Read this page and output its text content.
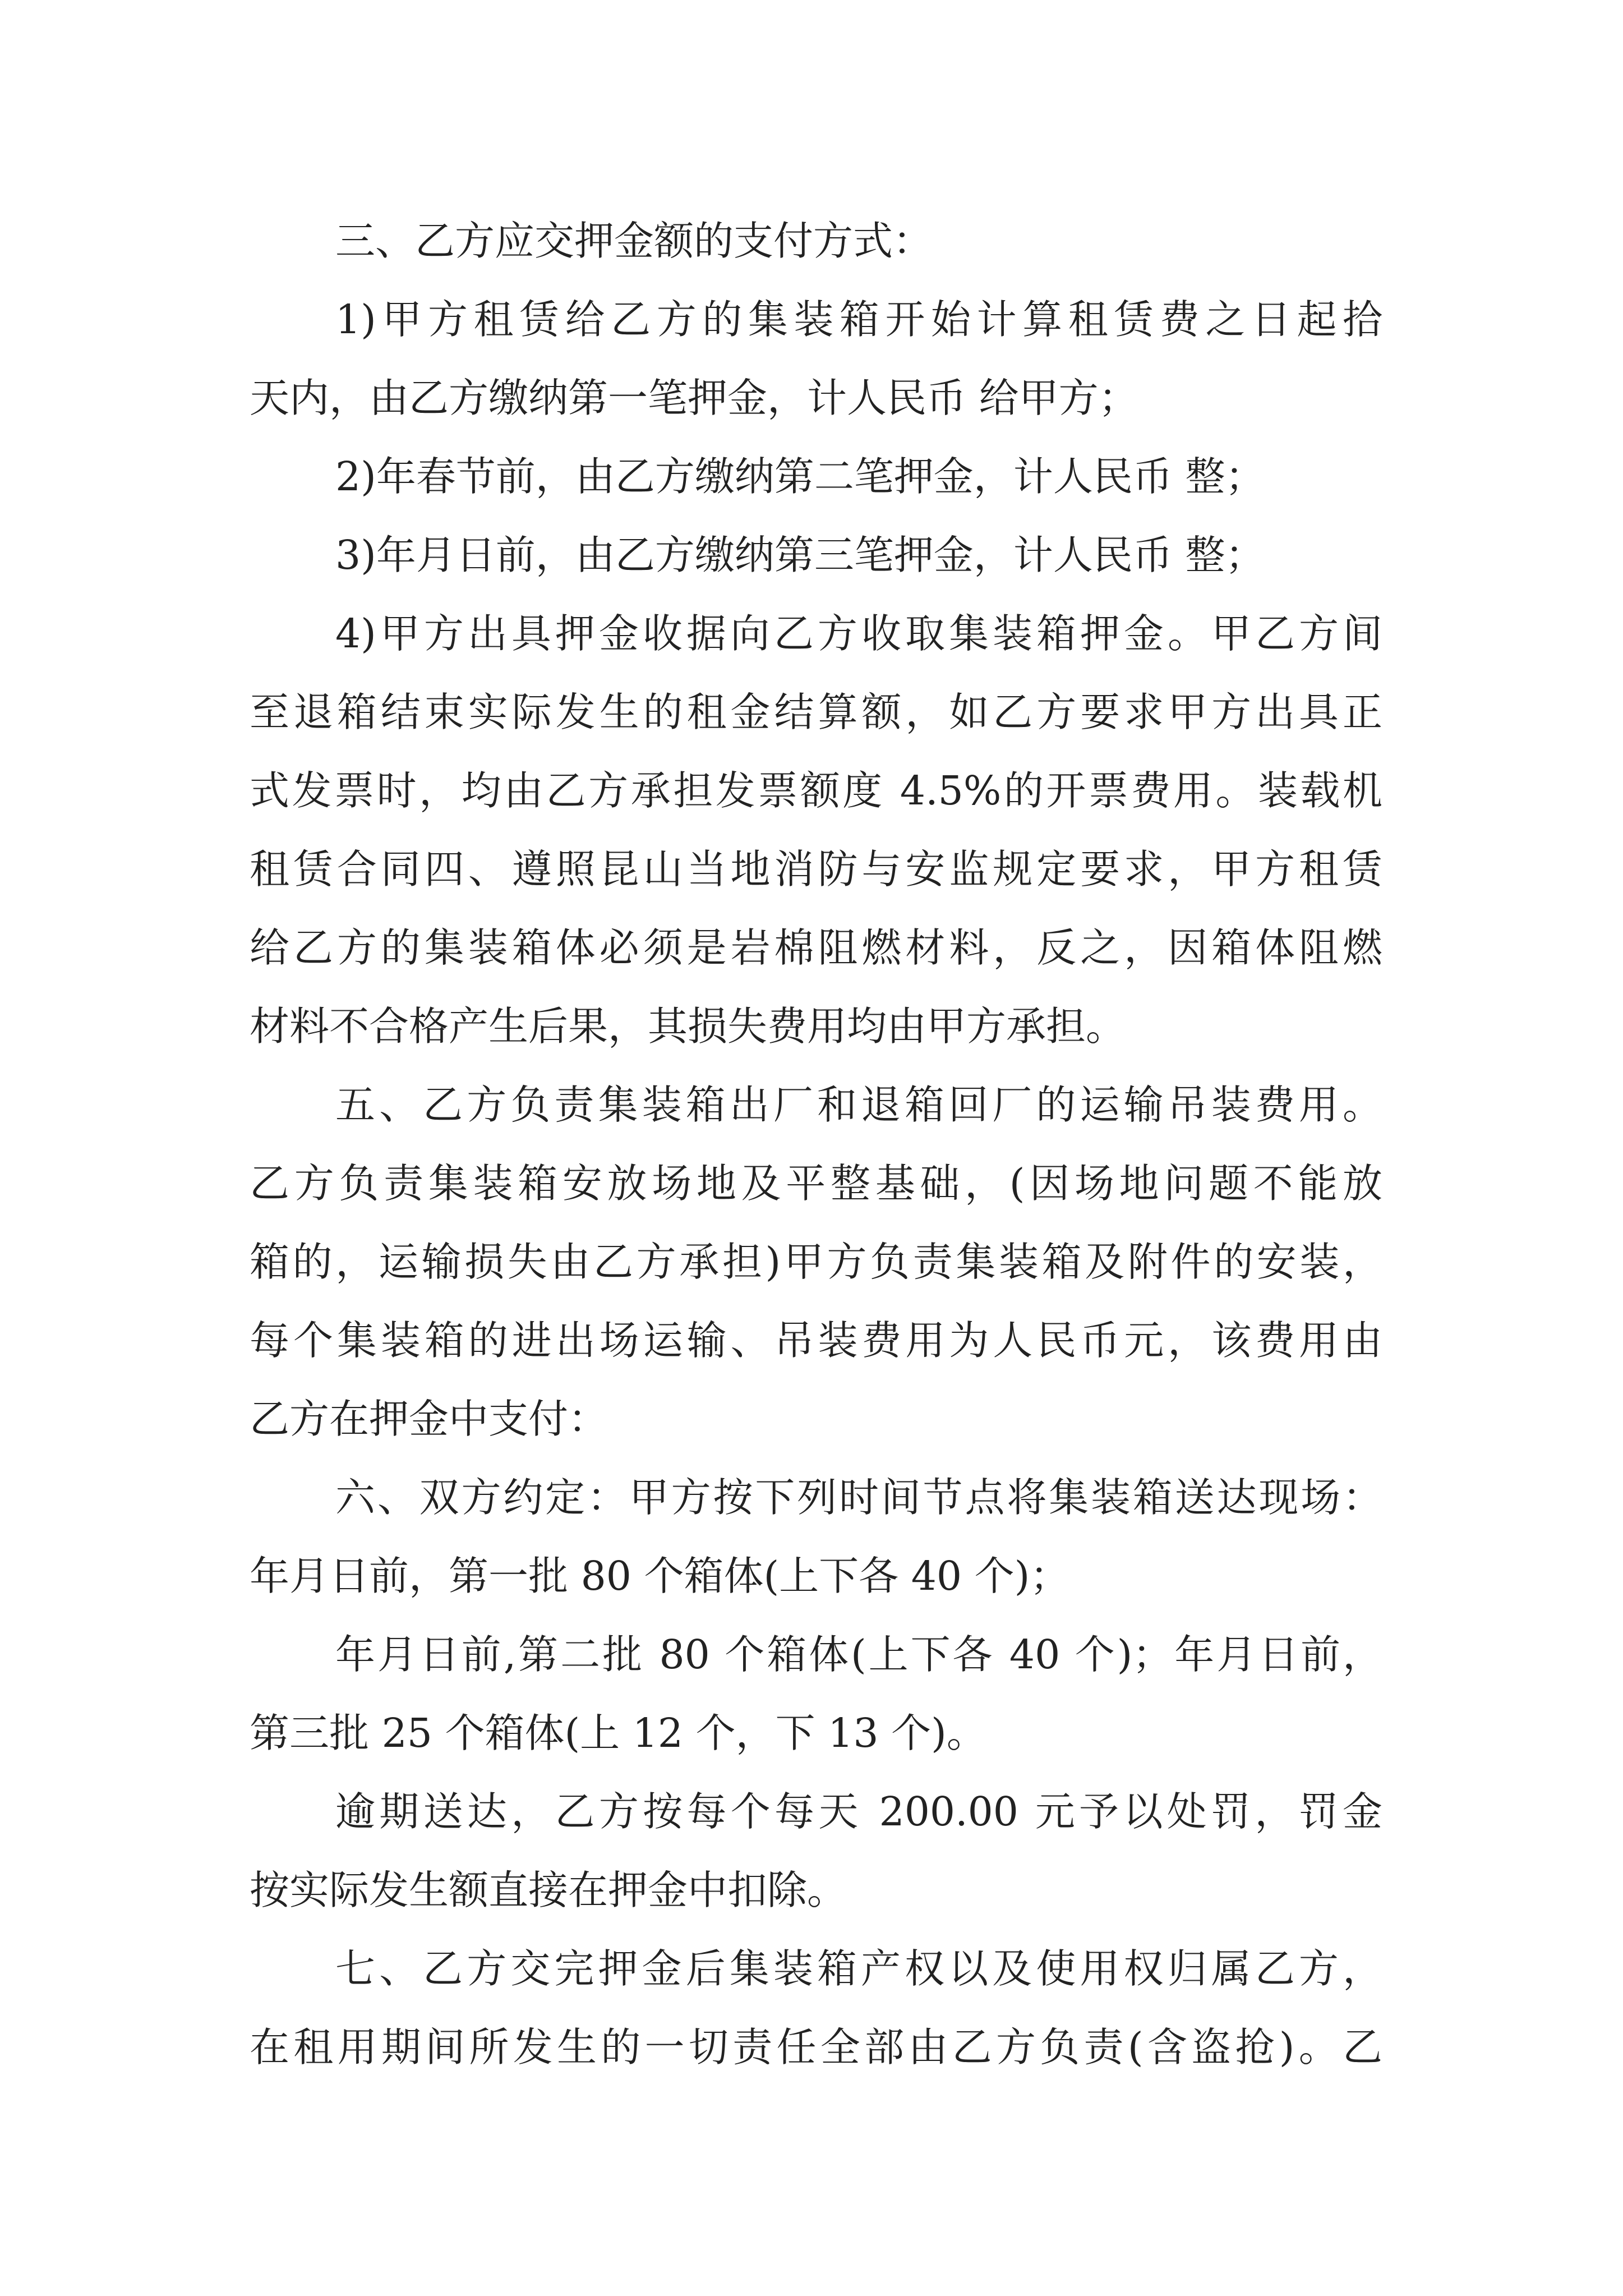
三、乙方应交押金额的支付方式：

1)甲方租赁给乙方的集装箱开始计算租赁费之日起拾

天内，由乙方缴纳第一笔押金，计人民币 给甲方；

2)年春节前，由乙方缴纳第二笔押金，计人民币 整；

3)年月日前，由乙方缴纳第三笔押金，计人民币 整；

4)甲方出具押金收据向乙方收取集装箱押金。甲乙方间

至退箱结束实际发生的租金结算额，如乙方要求甲方出具正

式发票时，均由乙方承担发票额度 4.5%的开票费用。装载机

租赁合同四、遵照昆山当地消防与安监规定要求，甲方租赁

给乙方的集装箱体必须是岩棉阻燃材料，反之，因箱体阻燃

材料不合格产生后果，其损失费用均由甲方承担。

五、乙方负责集装箱出厂和退箱回厂的运输吊装费用。

乙方负责集装箱安放场地及平整基础，(因场地问题不能放

箱的，运输损失由乙方承担)甲方负责集装箱及附件的安装，

每个集装箱的进出场运输、吊装费用为人民币元，该费用由

乙方在押金中支付：

六、双方约定：甲方按下列时间节点将集装箱送达现场：

年月日前，第一批 80 个箱体(上下各 40 个)；

年月日前,第二批 80 个箱体(上下各 40 个)；年月日前，

第三批 25 个箱体(上 12 个，下 13 个)。

逾期送达，乙方按每个每天 200.00 元予以处罚，罚金

按实际发生额直接在押金中扣除。

七、乙方交完押金后集装箱产权以及使用权归属乙方，

在租用期间所发生的一切责任全部由乙方负责(含盗抢)。乙
